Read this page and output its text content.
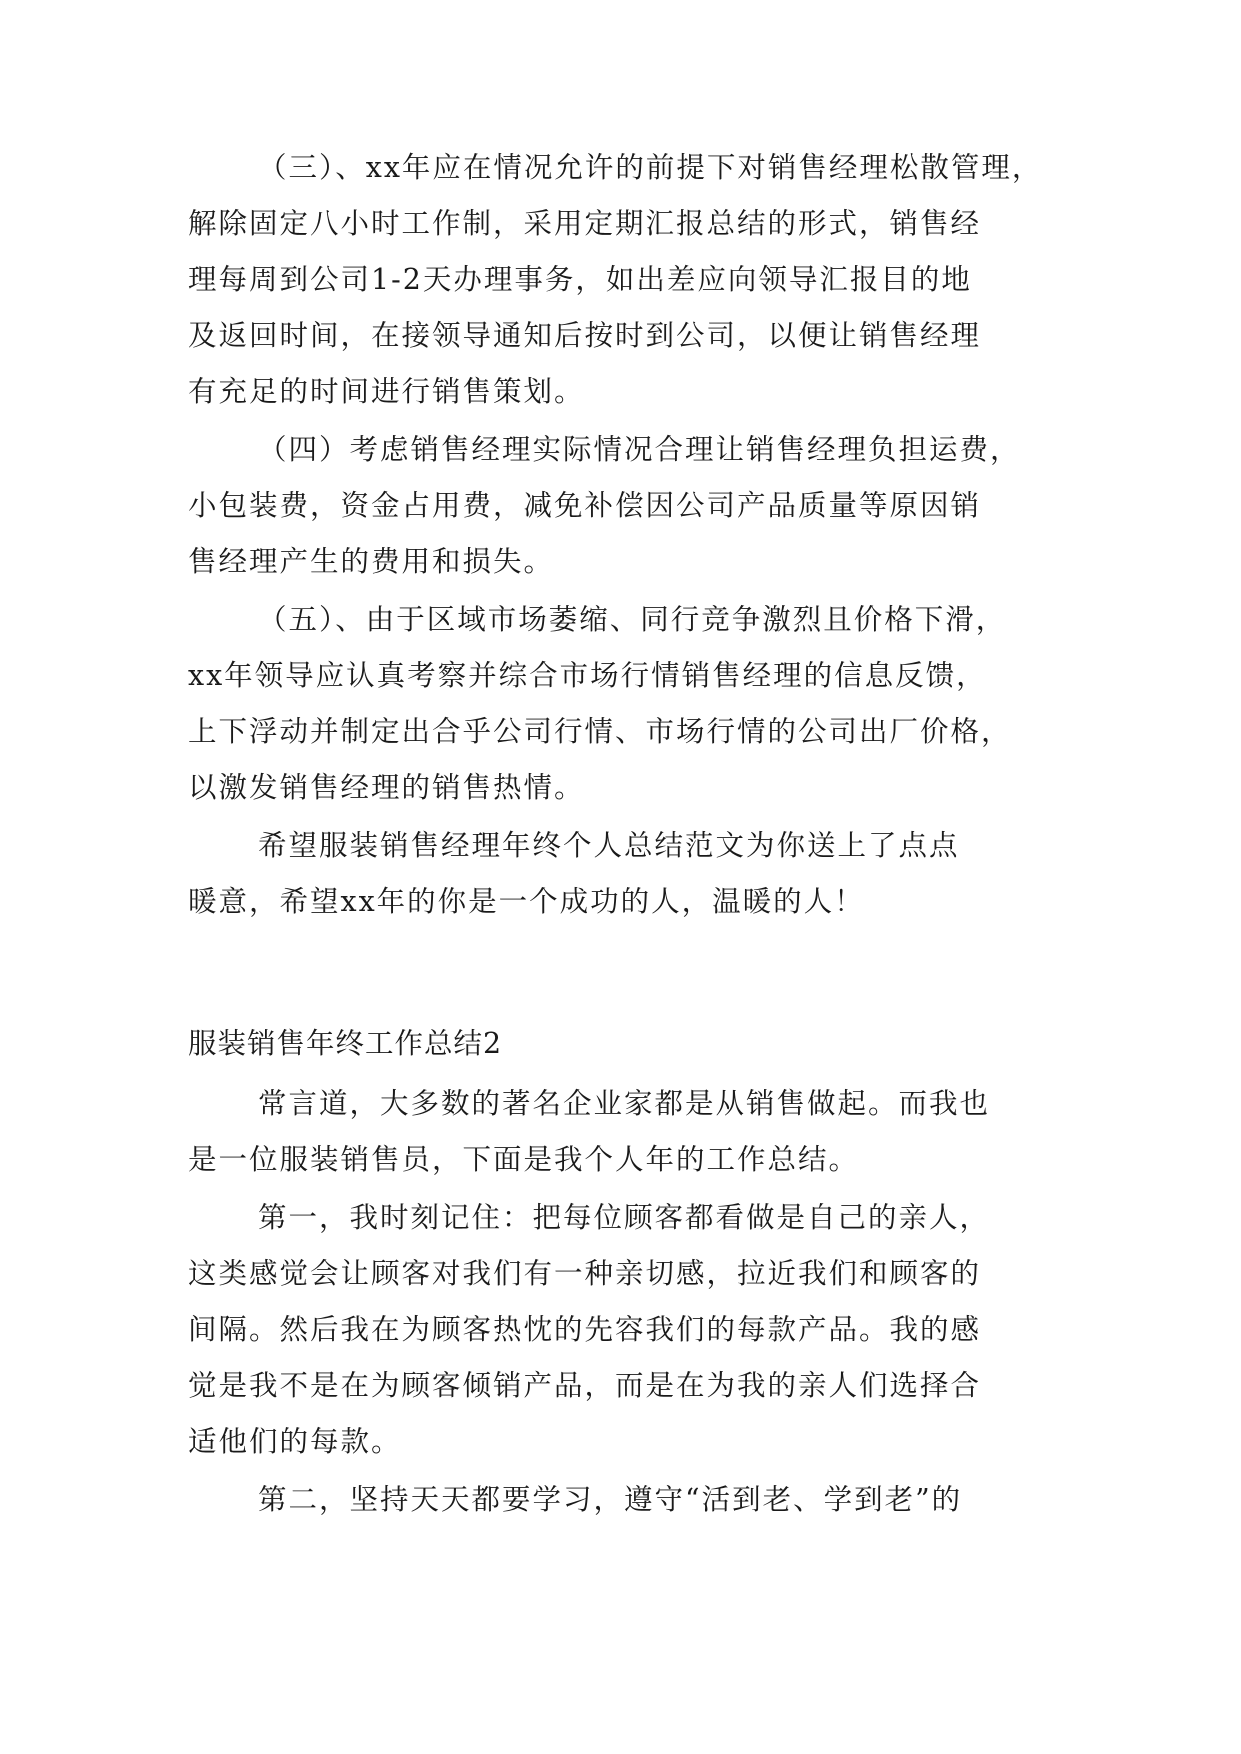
（三）、xx年应在情况允许的前提下对销售经理松散管理，
解除固定八小时工作制，采用定期汇报总结的形式，销售经
理每周到公司1-2天办理事务，如出差应向领导汇报目的地
及返回时间，在接领导通知后按时到公司，以便让销售经理
有充足的时间进行销售策划。
（四）考虑销售经理实际情况合理让销售经理负担运费，
小包装费，资金占用费，减免补偿因公司产品质量等原因销
售经理产生的费用和损失。
（五）、由于区域市场萎缩、同行竞争激烈且价格下滑，
xx年领导应认真考察并综合市场行情销售经理的信息反馈，
上下浮动并制定出合乎公司行情、市场行情的公司出厂价格，
以激发销售经理的销售热情。
希望服装销售经理年终个人总结范文为你送上了点点
暖意，希望xx年的你是一个成功的人，温暖的人！
服装销售年终工作总结2
常言道，大多数的著名企业家都是从销售做起。而我也
是一位服装销售员，下面是我个人年的工作总结。
第一，我时刻记住：把每位顾客都看做是自己的亲人，
这类感觉会让顾客对我们有一种亲切感，拉近我们和顾客的
间隔。然后我在为顾客热忱的先容我们的每款产品。我的感
觉是我不是在为顾客倾销产品，而是在为我的亲人们选择合
适他们的每款。
第二，坚持天天都要学习，遵守“活到老、学到老”的
